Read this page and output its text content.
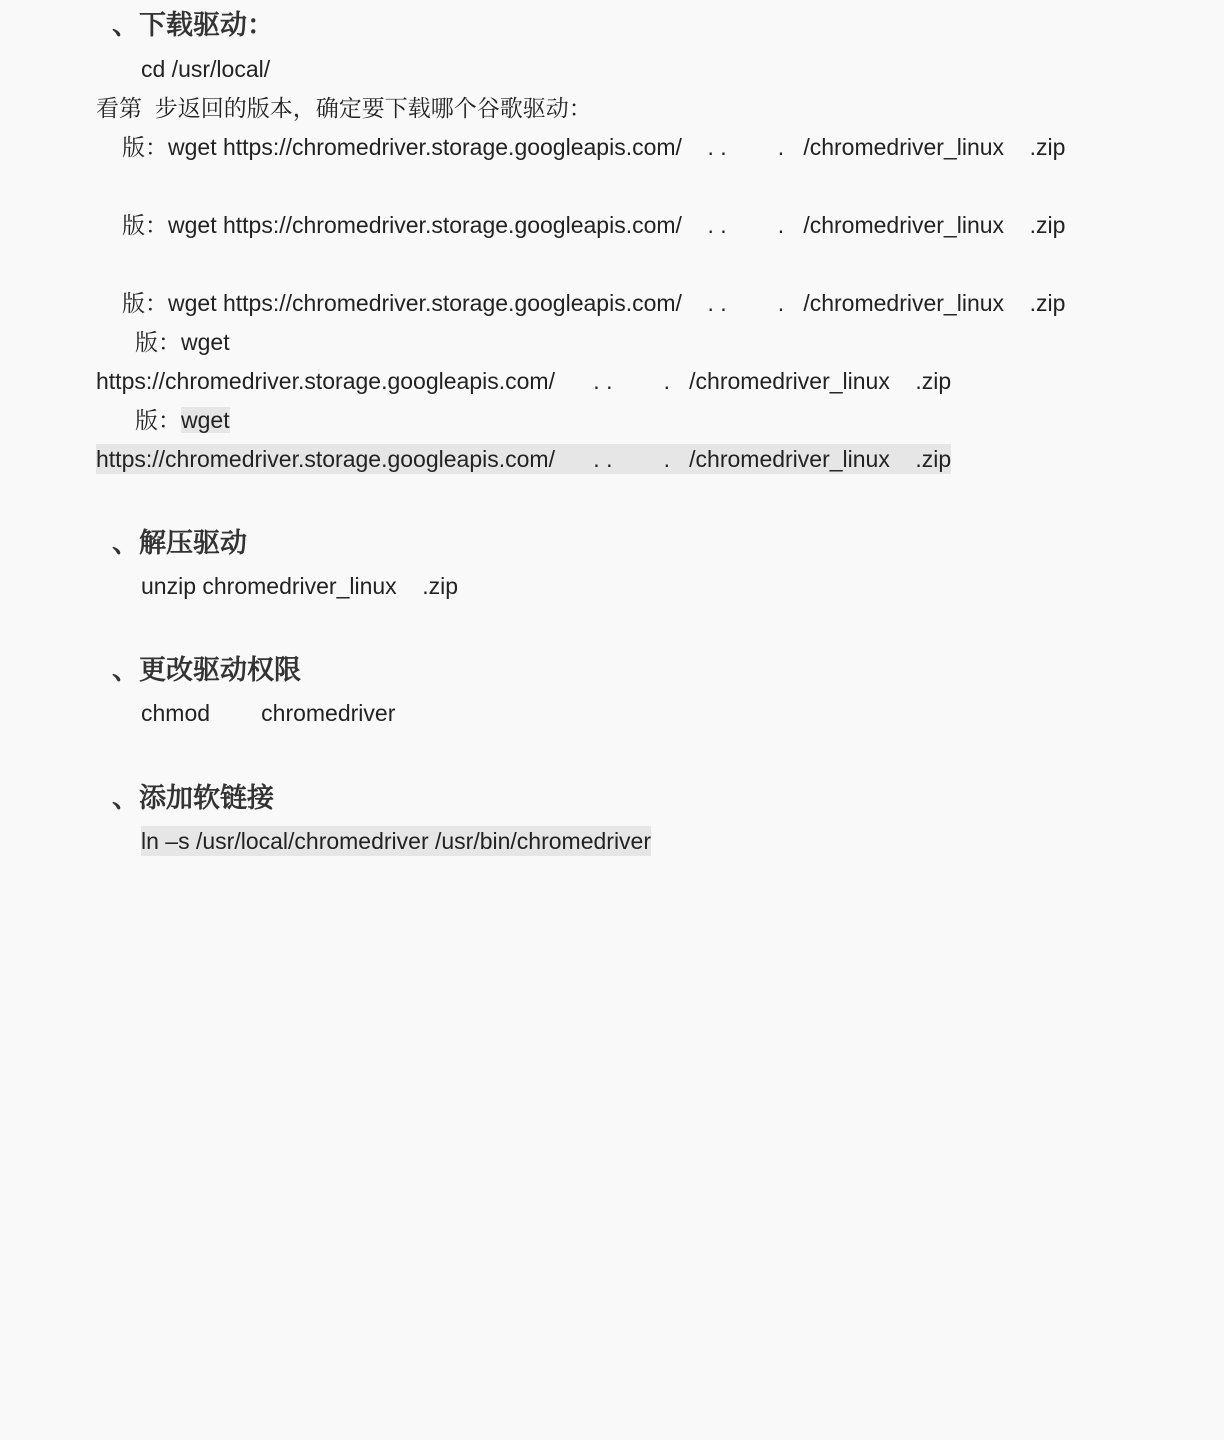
、下载驱动：
cd /usr/local/
看第  步返回的版本，确定要下载哪个谷歌驱动：
版：wget https://chromedriver.storage.googleapis.com/    . .        .   /chromedriver_linux    .zip
版：wget https://chromedriver.storage.googleapis.com/    . .        .   /chromedriver_linux    .zip
版：wget https://chromedriver.storage.googleapis.com/    . .        .   /chromedriver_linux    .zip
版：wget
https://chromedriver.storage.googleapis.com/      . .        .   /chromedriver_linux    .zip
版：wget
https://chromedriver.storage.googleapis.com/      . .        .   /chromedriver_linux    .zip
、解压驱动
unzip chromedriver_linux    .zip
、更改驱动权限
chmod        chromedriver
、添加软链接
ln –s /usr/local/chromedriver /usr/bin/chromedriver
